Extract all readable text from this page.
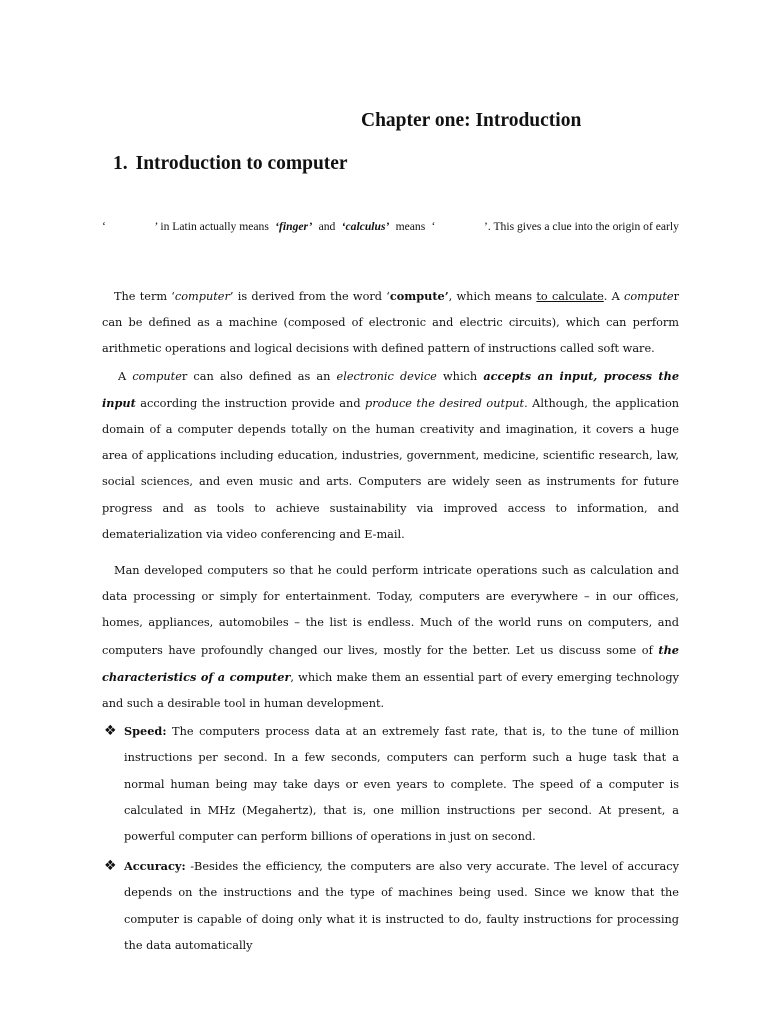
Chapter one: Introduction
1. Introduction to computer
‘	’ in Latin actually means ‘finger’ and ‘calculus’ means ‘	’. This gives a clue into the origin of early

The term ‘computer’ is derived from the word ‘compute’, which means to calculate. A computer can be defined as a machine (composed of electronic and electric circuits), which can perform arithmetic operations and logical decisions with defined pattern of instructions called soft ware.

A computer can also defined as an electronic device which accepts an input, process the input according the instruction provide and produce the desired output. Although, the application domain of a computer depends totally on the human creativity and imagination, it covers a huge area of applications including education, industries, government, medicine, scientific research, law, social sciences, and even music and arts. Computers are widely seen as instruments for future progress and as tools to achieve sustainability via improved access to information, and dematerialization via video conferencing and E-mail.

Man developed computers so that he could perform intricate operations such as calculation and data processing or simply for entertainment. Today, computers are everywhere – in our offices, homes, appliances, automobiles – the list is endless. Much of the world runs on computers, and computers have profoundly changed our lives, mostly for the better. Let us discuss some of the characteristics of a computer, which make them an essential part of every emerging technology and such a desirable tool in human development.

❖ Speed: The computers process data at an extremely fast rate, that is, to the tune of million instructions per second. In a few seconds, computers can perform such a huge task that a normal human being may take days or even years to complete. The speed of a computer is calculated in MHz (Megahertz), that is, one million instructions per second. At present, a powerful computer can perform billions of operations in just on second.
❖ Accuracy: -Besides the efficiency, the computers are also very accurate. The level of accuracy depends on the instructions and the type of machines being used. Since we know that the computer is capable of doing only what it is instructed to do, faulty instructions for processing the data automatically
